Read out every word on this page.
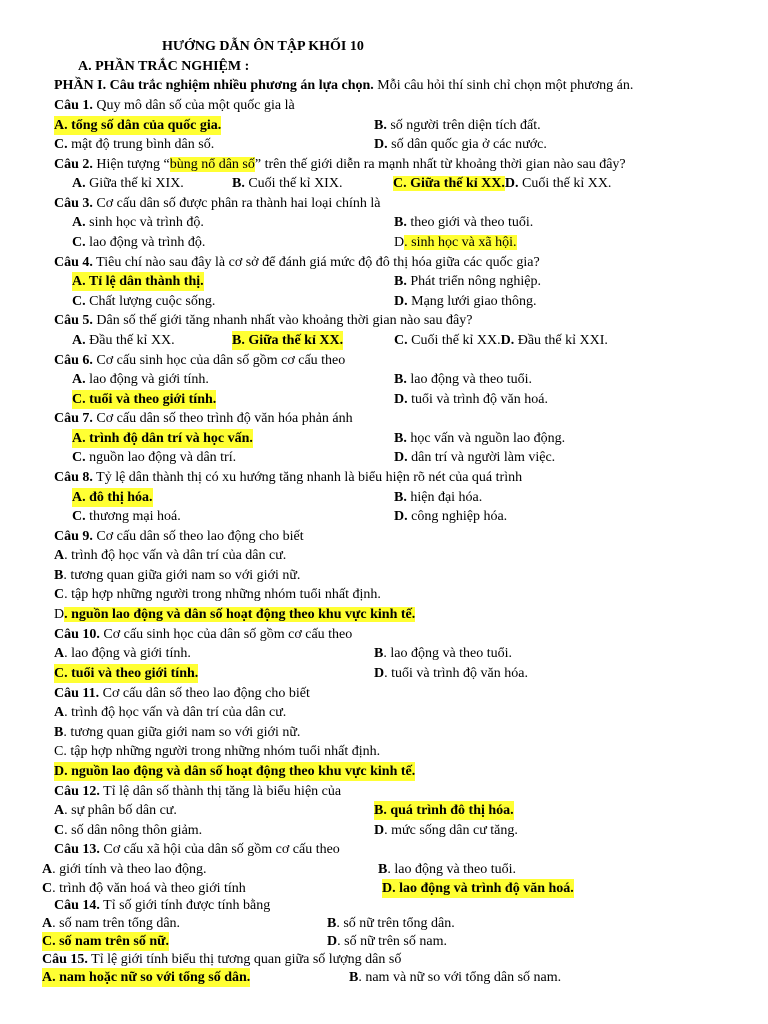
HƯỚNG DẪN ÔN TẬP KHỐI 10
A. PHẦN TRẮC NGHIỆM :
PHẦN I. Câu trắc nghiệm nhiều phương án lựa chọn. Mỗi câu hỏi thí sinh chỉ chọn một phương án.
Câu 1. Quy mô dân số của một quốc gia là
A. tổng số dân của quốc gia.	B. số người trên diện tích đất.
C. mật độ trung bình dân số.	D. số dân quốc gia ở các nước.
Câu 2. Hiện tượng “bùng nổ dân số” trên thế giới diễn ra mạnh nhất từ khoảng thời gian nào sau đây?
A. Giữa thế kỉ XIX.	B. Cuối thế kỉ XIX.	C. Giữa thế kỉ XX.D. Cuối thế kỉ XX.
Câu 3. Cơ cấu dân số được phân ra thành hai loại chính là
A. sinh học và trình độ.	B. theo giới và theo tuổi.
C. lao động và trình độ.	D. sinh học và xã hội.
Câu 4. Tiêu chí nào sau đây là cơ sở để đánh giá mức độ đô thị hóa giữa các quốc gia?
A. Tỉ lệ dân thành thị.	B. Phát triển nông nghiệp.
C. Chất lượng cuộc sống.	D. Mạng lưới giao thông.
Câu 5. Dân số thế giới tăng nhanh nhất vào khoảng thời gian nào sau đây?
A. Đầu thế kỉ XX.	B. Giữa thế kỉ XX.	C. Cuối thế kỉ XX.D. Đầu thế kỉ XXI.
Câu 6. Cơ cấu sinh học của dân số gồm cơ cấu theo
A. lao động và giới tính.	B. lao động và theo tuổi.
C. tuổi và theo giới tính.	D. tuổi và trình độ văn hoá.
Câu 7. Cơ cấu dân số theo trình độ văn hóa phản ánh
A. trình độ dân trí và học vấn.	B. học vấn và nguồn lao động.
C. nguồn lao động và dân trí.	D. dân trí và người làm việc.
Câu 8. Tỷ lệ dân thành thị có xu hướng tăng nhanh là biểu hiện rõ nét của quá trình
A. đô thị hóa.	B. hiện đại hóa.
C. thương mại hoá.	D. công nghiệp hóa.
Câu 9. Cơ cấu dân số theo lao động cho biết
A. trình độ học vấn và dân trí của dân cư.
B. tương quan giữa giới nam so với giới nữ.
C. tập hợp những người trong những nhóm tuổi nhất định.
D. nguồn lao động và dân số hoạt động theo khu vực kinh tế.
Câu 10. Cơ cấu sinh học của dân số gồm cơ cấu theo
A. lao động và giới tính.	B. lao động và theo tuổi.
C. tuổi và theo giới tính.	D. tuổi và trình độ văn hóa.
Câu 11. Cơ cấu dân số theo lao động cho biết
A. trình độ học vấn và dân trí của dân cư.
B. tương quan giữa giới nam so với giới nữ.
C. tập hợp những người trong những nhóm tuổi nhất định.
D. nguồn lao động và dân số hoạt động theo khu vực kinh tế.
Câu 12. Tỉ lệ dân số thành thị tăng là biểu hiện của
A. sự phân bố dân cư.	B. quá trình đô thị hóa.
C. số dân nông thôn giảm.	D. mức sống dân cư tăng.
Câu 13. Cơ cấu xã hội của dân số gồm cơ cấu theo
A. giới tính và theo lao động.	B. lao động và theo tuổi.
C. trình độ văn hoá và theo giới tính	D. lao động và trình độ văn hoá.
Câu 14. Tỉ số giới tính được tính bằng
A. số nam trên tổng dân.	B. số nữ trên tổng dân.
C. số nam trên số nữ.	D. số nữ trên số nam.
Câu 15. Tỉ lệ giới tính biểu thị tương quan giữa số lượng dân số
A. nam hoặc nữ so với tổng số dân.	B. nam và nữ so với tổng dân số nam.
